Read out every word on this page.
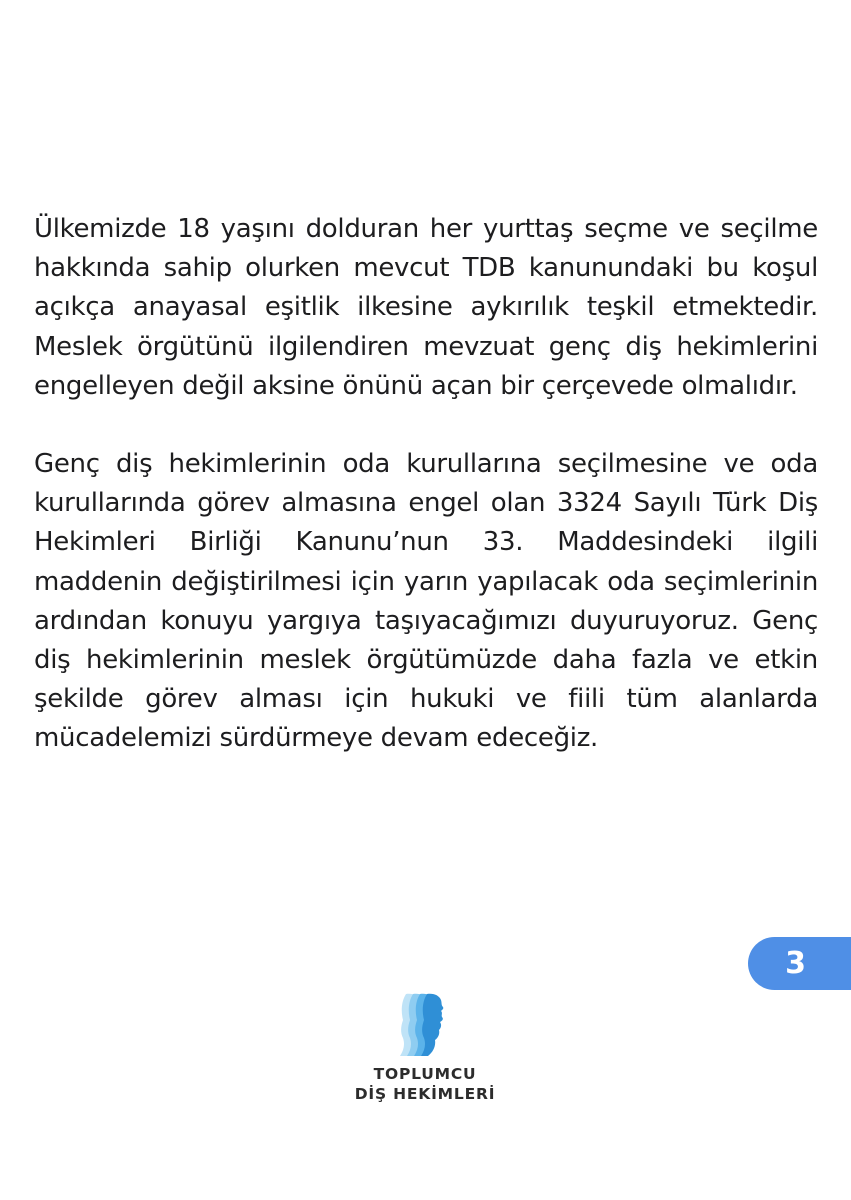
Ülkemizde 18 yaşını dolduran her yurttaş seçme ve seçilme hakkında sahip olurken mevcut TDB kanunundaki bu koşul açıkça anayasal eşitlik ilkesine aykırılık teşkil etmektedir. Meslek örgütünü ilgilendiren mevzuat genç diş hekimlerini engelleyen değil aksine önünü açan bir çerçevede olmalıdır.

Genç diş hekimlerinin oda kurullarına seçilmesine ve oda kurullarında görev almasına engel olan 3324 Sayılı Türk Diş Hekimleri Birliği Kanunu’nun 33. Maddesindeki ilgili maddenin değiştirilmesi için yarın yapılacak oda seçimlerinin ardından konuyu yargıya taşıyacağımızı duyuruyoruz. Genç diş hekimlerinin meslek örgütümüzde daha fazla ve etkin şekilde görev alması için hukuki ve fiili tüm alanlarda mücadelemizi sürdürmeye devam edeceğiz.

3
TOPLUMCU
DİŞ HEKİMLERİ
